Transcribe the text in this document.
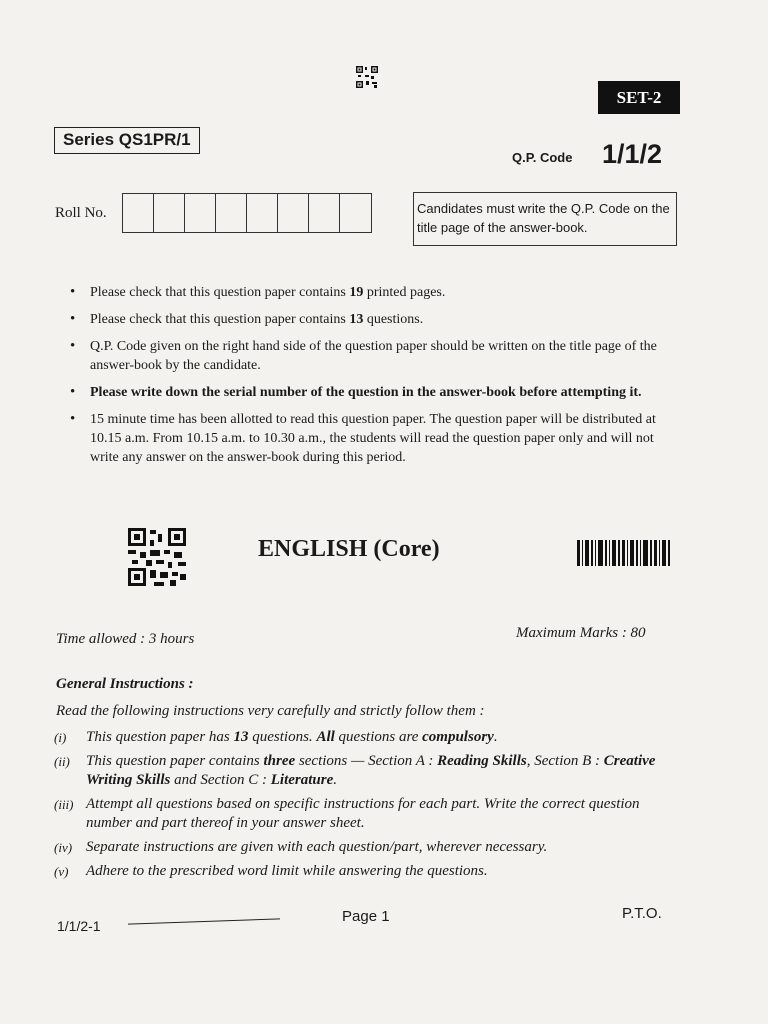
SET-2
Series QS1PR/1
Q.P. Code 1/1/2
Roll No.	Candidates must write the Q.P. Code on the title page of the answer-book.
• Please check that this question paper contains 19 printed pages.
• Please check that this question paper contains 13 questions.
• Q.P. Code given on the right hand side of the question paper should be written on the title page of the answer-book by the candidate.
• Please write down the serial number of the question in the answer-book before attempting it.
• 15 minute time has been allotted to read this question paper. The question paper will be distributed at 10.15 a.m. From 10.15 a.m. to 10.30 a.m., the students will read the question paper only and will not write any answer on the answer-book during this period.
ENGLISH (Core)
Time allowed : 3 hours	Maximum Marks : 80
General Instructions :
Read the following instructions very carefully and strictly follow them :
(i)	This question paper has 13 questions. All questions are compulsory.
(ii)	This question paper contains three sections — Section A : Reading Skills, Section B : Creative Writing Skills and Section C : Literature.
(iii) Attempt all questions based on specific instructions for each part. Write the correct question number and part thereof in your answer sheet.
(iv) Separate instructions are given with each question/part, wherever necessary.
(v)	Adhere to the prescribed word limit while answering the questions.
1/1/2-1
Page 1	P.T.O.
